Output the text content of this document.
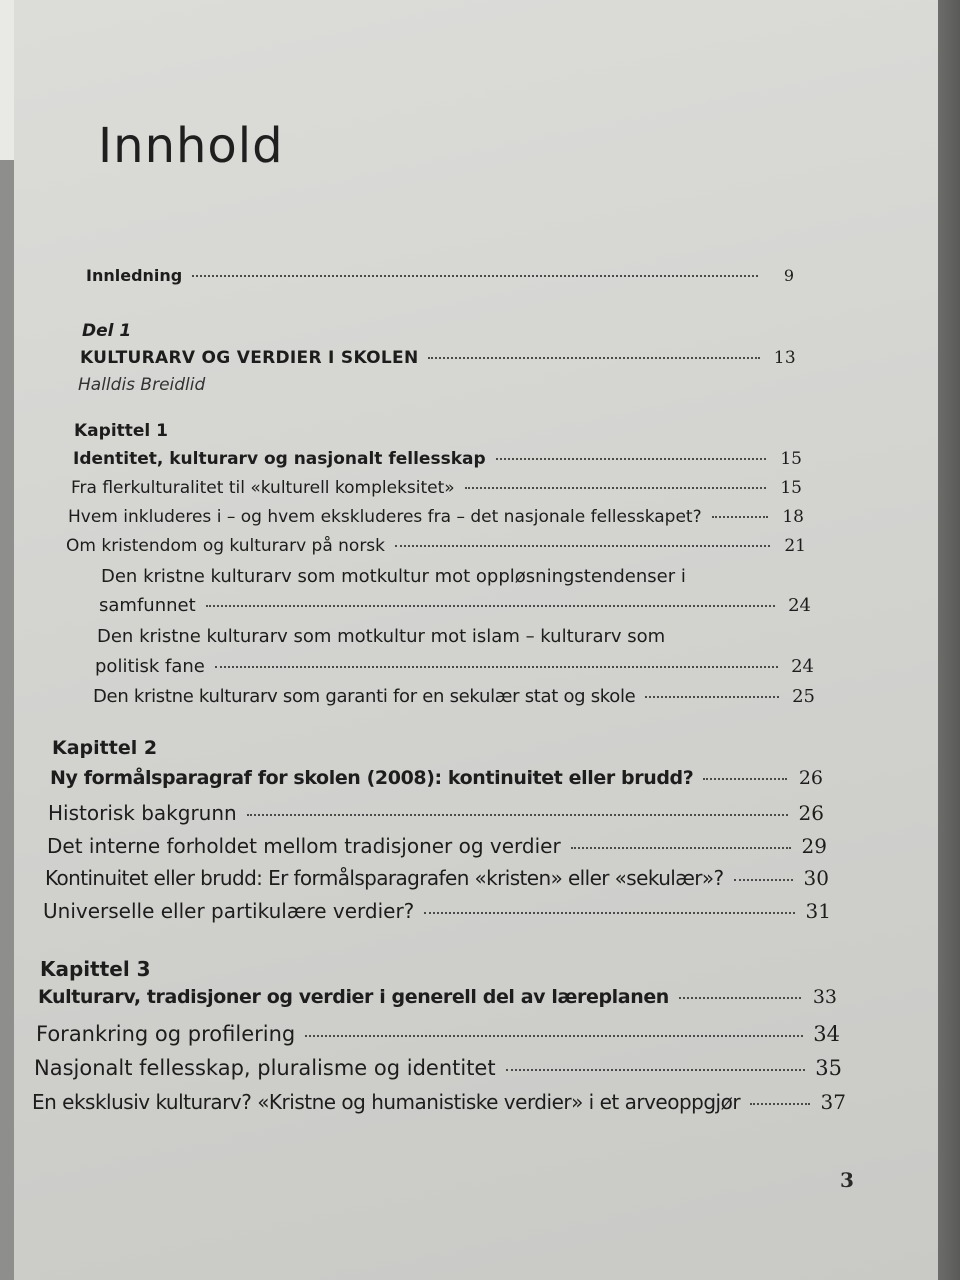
Innhold
Innledning	9
Del 1
KULTURARV OG VERDIER I SKOLEN	13
Halldis Breidlid
Kapittel 1
Identitet, kulturarv og nasjonalt fellesskap	15
Fra flerkulturalitet til «kulturell kompleksitet»	15
Hvem inkluderes i – og hvem ekskluderes fra – det nasjonale fellesskapet?	18
Om kristendom og kulturarv på norsk	21
Den kristne kulturarv som motkultur mot oppløsningstendenser i
samfunnet	24
Den kristne kulturarv som motkultur mot islam – kulturarv som
politisk fane	24
Den kristne kulturarv som garanti for en sekulær stat og skole	25
Kapittel 2
Ny formålsparagraf for skolen (2008): kontinuitet eller brudd?	26
Historisk bakgrunn	26
Det interne forholdet mellom tradisjoner og verdier	29
Kontinuitet eller brudd: Er formålsparagrafen «kristen» eller «sekulær»?	30
Universelle eller partikulære verdier?	31
Kapittel 3
Kulturarv, tradisjoner og verdier i generell del av læreplanen	33
Forankring og profilering	34
Nasjonalt fellesskap, pluralisme og identitet	35
En eksklusiv kulturarv? «Kristne og humanistiske verdier» i et arveoppgjør	37
3
